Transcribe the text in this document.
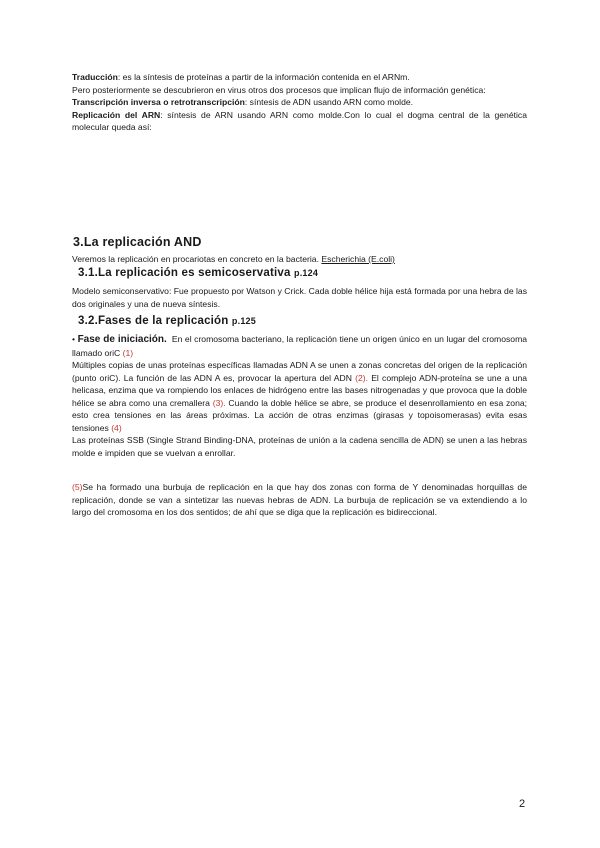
Traducción: es la síntesis de proteínas a partir de la información contenida en el ARNm.
Pero posteriormente se descubrieron en virus otros dos procesos que implican flujo de información genética:
Transcripción inversa o retrotranscripción: síntesis de ADN usando ARN como molde.
Replicación del ARN: síntesis de ARN usando ARN como molde.Con lo cual el dogma central de la genética molecular queda así:
3.La replicación AND
Veremos la replicación en procariotas en concreto en la bacteria. Escherichia (E.coli)
3.1.La replicación es semicoservativa p.124
Modelo semiconservativo: Fue propuesto por Watson y Crick. Cada doble hélice hija está formada por una hebra de las dos originales y una de nueva síntesis.
3.2.Fases de la replicación p.125
• Fase de iniciación. En el cromosoma bacteriano, la replicación tiene un origen único en un lugar del cromosoma llamado oriC (1)
Múltiples copias de unas proteínas específicas llamadas ADN A se unen a zonas concretas del origen de la replicación (punto oriC). La función de las ADN A es, provocar la apertura del ADN (2). El complejo ADN-proteína se une a una helicasa, enzima que va rompiendo los enlaces de hidrógeno entre las bases nitrogenadas y que provoca que la doble hélice se abra como una cremallera (3). Cuando la doble hélice se abre, se produce el desenrollamiento en esa zona; esto crea tensiones en las áreas próximas. La acción de otras enzimas (girasas y topoisomerasas) evita esas tensiones (4)
Las proteínas SSB (Single Strand Binding-DNA, proteínas de unión a la cadena sencilla de ADN) se unen a las hebras molde e impiden que se vuelvan a enrollar.
(5)Se ha formado una burbuja de replicación en la que hay dos zonas con forma de Y denominadas horquillas de replicación, donde se van a sintetizar las nuevas hebras de ADN. La burbuja de replicación se va extendiendo a lo largo del cromosoma en los dos sentidos; de ahí que se diga que la replicación es bidireccional.
2
